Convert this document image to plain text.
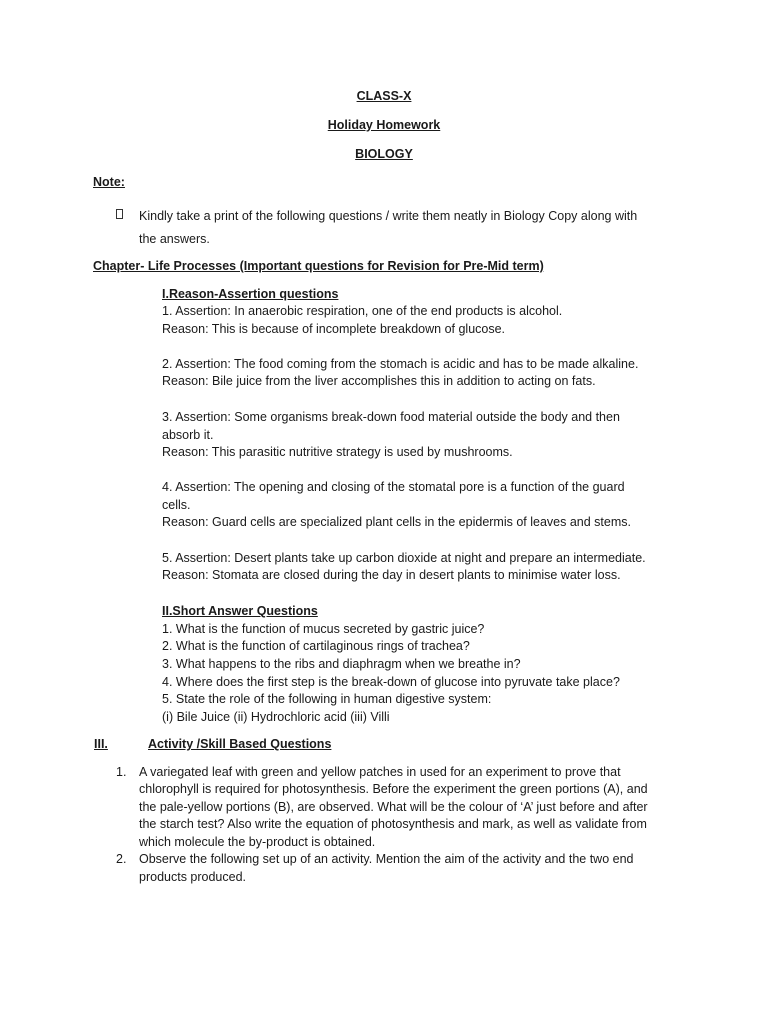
CLASS-X
Holiday Homework
BIOLOGY
Note:
Kindly take a print of the following questions / write them neatly in Biology Copy along with
the answers.
Chapter- Life Processes (Important questions for Revision for Pre-Mid term)
I.Reason-Assertion questions
1. Assertion: In anaerobic respiration, one of the end products is alcohol.
Reason: This is because of incomplete breakdown of glucose.
2. Assertion: The food coming from the stomach is acidic and has to be made alkaline.
Reason: Bile juice from the liver accomplishes this in addition to acting on fats.
3. Assertion: Some organisms break-down food material outside the body and then
absorb it.
Reason: This parasitic nutritive strategy is used by mushrooms.
4. Assertion: The opening and closing of the stomatal pore is a function of the guard
cells.
Reason: Guard cells are specialized plant cells in the epidermis of leaves and stems.
5. Assertion: Desert plants take up carbon dioxide at night and prepare an intermediate.
Reason: Stomata are closed during the day in desert plants to minimise water loss.
II.Short Answer Questions
1. What is the function of mucus secreted by gastric juice?
2. What is the function of cartilaginous rings of trachea?
3. What happens to the ribs and diaphragm when we breathe in?
4. Where does the first step is the break-down of glucose into pyruvate take place?
5. State the role of the following in human digestive system:
(i) Bile Juice (ii) Hydrochloric acid (iii) Villi
III.	Activity /Skill Based Questions
1. A variegated leaf with green and yellow patches in used for an experiment to prove that
chlorophyll is required for photosynthesis. Before the experiment the green portions (A), and
the pale-yellow portions (B), are observed. What will be the colour of ‘A’ just before and after
the starch test? Also write the equation of photosynthesis and mark, as well as validate from
which molecule the by-product is obtained.
2. Observe the following set up of an activity. Mention the aim of the activity and the two end
products produced.
